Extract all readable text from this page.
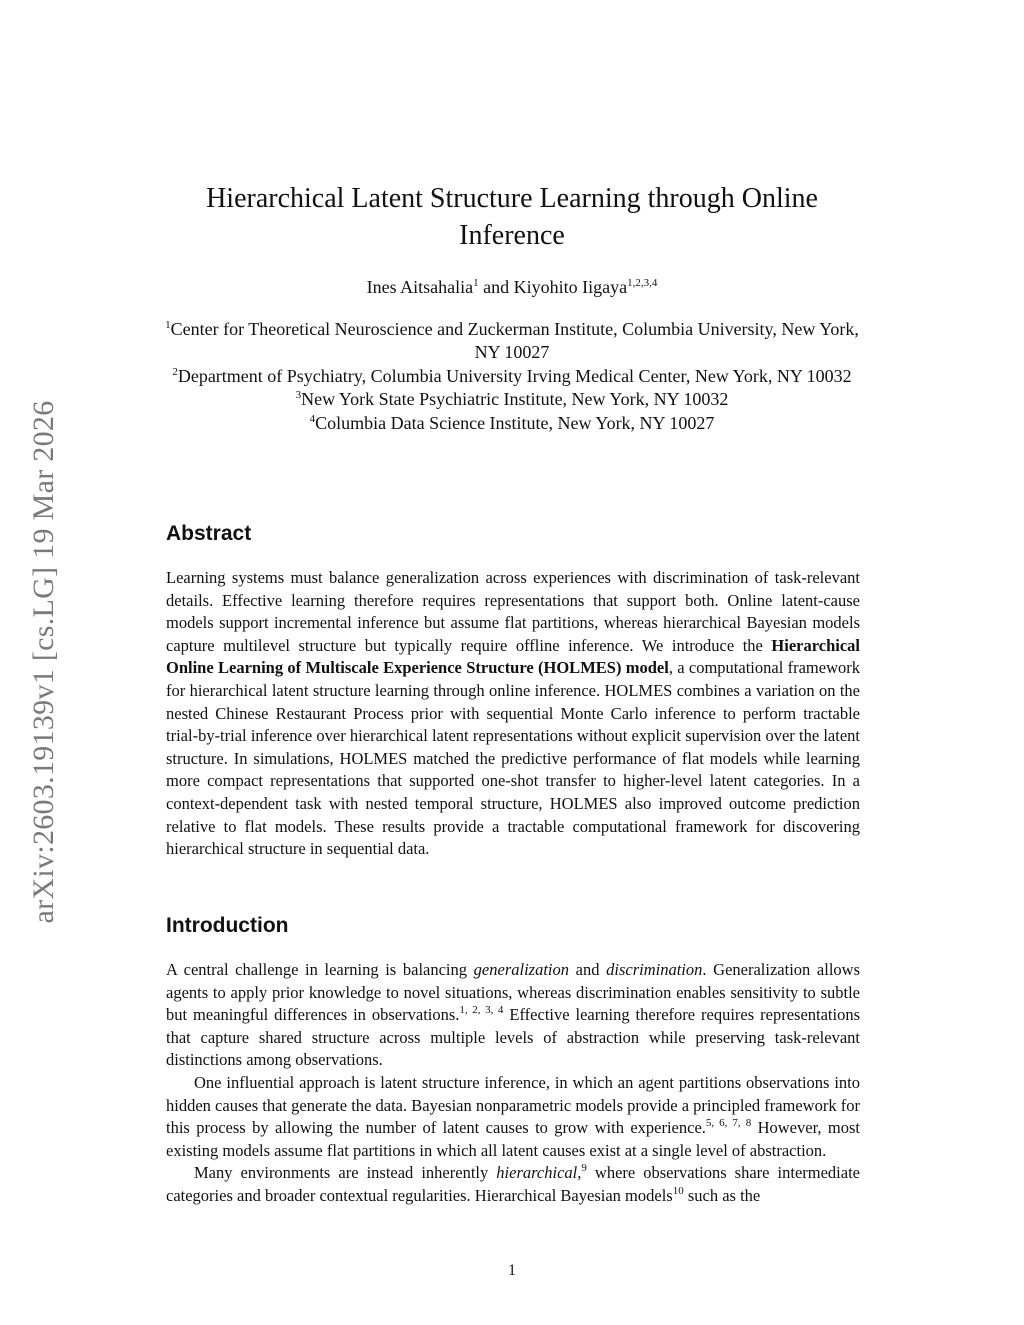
arXiv:2603.19139v1 [cs.LG] 19 Mar 2026
Hierarchical Latent Structure Learning through Online
Inference
Ines Aitsahalia$^1$ and Kiyohito Iigaya$^{1,2,3,4}$
$^1$Center for Theoretical Neuroscience and Zuckerman Institute, Columbia University, New York, NY 10027
$^2$Department of Psychiatry, Columbia University Irving Medical Center, New York, NY 10032
$^3$New York State Psychiatric Institute, New York, NY 10032
$^4$Columbia Data Science Institute, New York, NY 10027
Abstract

Learning systems must balance generalization across experiences with discrimination of task-relevant details. Effective learning therefore requires representations that support both. Online latent-cause models support incremental inference but assume flat partitions, whereas hierarchical Bayesian models capture multilevel structure but typically require offline inference. We introduce the Hierarchical Online Learning of Multiscale Experience Structure (HOLMES) model, a computational framework for hierarchical latent structure learning through online inference. HOLMES combines a variation on the nested Chinese Restaurant Process prior with sequential Monte Carlo inference to perform tractable trial-by-trial inference over hierarchical latent representations without explicit supervision over the latent structure. In simulations, HOLMES matched the predictive performance of flat models while learning more compact representations that supported one-shot transfer to higher-level latent categories. In a context-dependent task with nested temporal structure, HOLMES also improved outcome prediction relative to flat models. These results provide a tractable computational framework for discovering hierarchical structure in sequential data.

Introduction

A central challenge in learning is balancing generalization and discrimination. Generalization allows agents to apply prior knowledge to novel situations, whereas discrimination enables sensitivity to subtle but meaningful differences in observations.$^{1, 2, 3, 4}$ Effective learning therefore requires representations that capture shared structure across multiple levels of abstraction while preserving task-relevant distinctions among observations.

One influential approach is latent structure inference, in which an agent partitions observations into hidden causes that generate the data. Bayesian nonparametric models provide a principled framework for this process by allowing the number of latent causes to grow with experience.$^{5, 6, 7, 8}$ However, most existing models assume flat partitions in which all latent causes exist at a single level of abstraction.

Many environments are instead inherently hierarchical,$^9$ where observations share intermediate categories and broader contextual regularities. Hierarchical Bayesian models$^{10}$ such as the

1
